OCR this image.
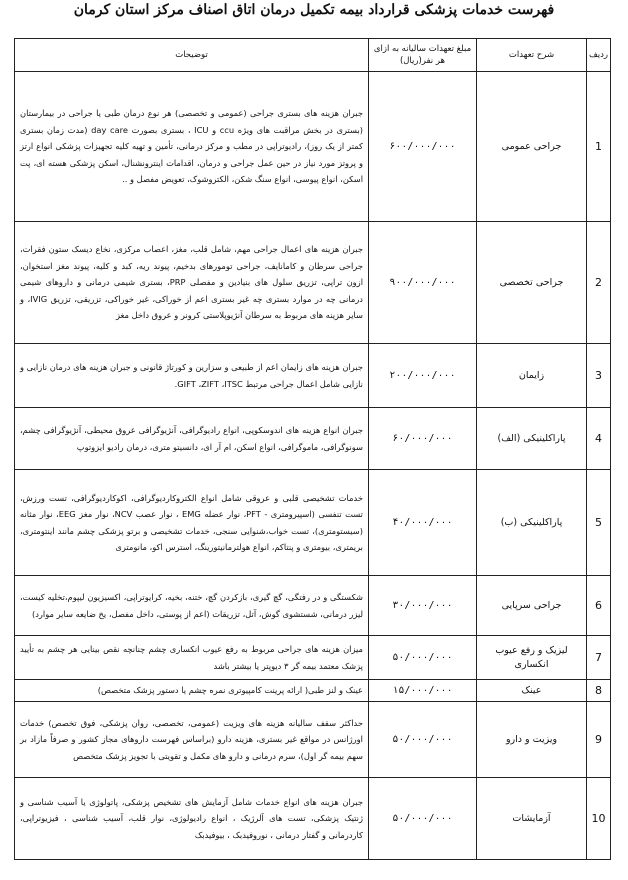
فهرست خدمات پزشکی قرارداد بیمه تکمیل درمان اتاق اصناف مرکز استان کرمان
ردیف	شرح تعهدات	مبلغ تعهدات سالیانه به ازای هر نفر(ریال)	توضیحات
1	جراحی عمومی	۶۰۰/۰۰۰/۰۰۰	جبران هزینه های بستری جراحی (عمومی و تخصصی) هر نوع درمان طبی یا جراحی در بیمارستان (بستری در بخش مراقبت های ویژه ccu و ICU ، بستری بصورت day care (مدت زمان بستری کمتر از یک روز)، رادیوتراپی در مطب و مرکز درمانی، تأمین و تهیه کلیه تجهیزات پزشکی انواع ارتز و پروتز مورد نیاز در حین عمل جراحی و درمان، اقدامات اینترونشنال، اسکن پزشکی هسته ای، پت اسکن، انواع پیوسی، انواع سنگ شکن، الکتروشوک، تعویض مفصل و ..
2	جراحی تخصصی	۹۰۰/۰۰۰/۰۰۰	جبران هزینه های اعمال جراحی مهم، شامل قلب، مغز، اعصاب مرکزی، نخاع دیسک ستون فقرات، جراحی سرطان و کامانایف، جراحی تومورهای بدخیم، پیوند ریه، کبد و کلیه، پیوند مغز استخوان، ازون تراپی، تزریق سلول های بنیادین و مفصلی PRP، بستری شیمی درمانی و داروهای شیمی درمانی چه در موارد بستری چه غیر بستری اعم از خوراکی، غیر خوراکی، تزریقی، تزریق IVIG، و سایر هزینه های مربوط به سرطان آنژیوپلاستی کرونر و عروق داخل مغز
3	زایمان	۲۰۰/۰۰۰/۰۰۰	جبران هزینه های زایمان اعم از طبیعی و سزارین و کورتاژ قانونی و جبران هزینه های درمان نازایی و نازایی شامل اعمال جراحی مرتبط GIFT ،ZIFT ،ITSC.
4	پاراکلینیکی (الف)	۶۰/۰۰۰/۰۰۰	جبران انواع هزینه های اندوسکوپی، انواع رادیوگرافی، آنژیوگرافی عروق محیطی، آنژیوگرافی چشم، سونوگرافی، ماموگرافی، انواع اسکن، ام آر ای، دانسیتو متری، درمان رادیو ایزوتوپ
5	پاراکلینیکی (ب)	۴۰/۰۰۰/۰۰۰	خدمات تشخیصی قلبی و عروقی شامل انواع الکتروکاردیوگرافی، اکوکاردیوگرافی، تست ورزش، تست تنفسی (اسپیرومتری - PFT، نوار عضله EMG ، نوار عصب NCV، نوار مغز EEG، نوار مثانه (سیستومتری)، تست خواب،شنوایی سنجی، خدمات تشخیصی و برتو پزشکی چشم مانند اینتومتری، بریمتری، بیومتری و پنتاکم، انواع هولترمانیتورینگ، استرس اکو، مانومتری
6	جراحی سرپایی	۳۰/۰۰۰/۰۰۰	شکستگی و در رفتگی، گچ گیری، بازکردن گچ، ختنه، بخیه، کرایوتراپی، اکسیزیون لیپوم،تخلیه کیست، لیزر درمانی، شستشوی گوش، آتل، تزریقات (اعم از پوستی، داخل مفصل، یخ ضایعه سایر موارد)
7	لیزیک و رفع عیوب انکساری	۵۰/۰۰۰/۰۰۰	میزان هزینه های جراحی مربوط به رفع عیوب انکساری چشم چنانچه نقص بینایی هر چشم به تأیید پزشک معتمد بیمه گر ۳ دیوپتر یا بیشتر باشد
8	عینک	۱۵/۰۰۰/۰۰۰	عینک و لنز طبی( ارائه پرینت کامپیوتری نمره چشم یا دستور پزشک متخصص)
9	ویزیت و دارو	۵۰/۰۰۰/۰۰۰	حداکثر سقف سالیانه هزینه های ویزیت (عمومی، تخصصی، روان پزشکی، فوق تخصص) خدمات اورژانس در مواقع غیر بستری، هزینه دارو (براساس فهرست داروهای مجاز کشور و صرفاً مازاد بر سهم بیمه گر اول)، سرم درمانی و دارو های مکمل و تقویتی با تجویز پزشک متخصص
10	آزمایشات	۵۰/۰۰۰/۰۰۰	جبران هزینه های انواع خدمات شامل آزمایش های تشخیص پزشکی، پاتولوژی یا آسیب شناسی و ژنتیک پزشکی، تست های آلرژیک ، انواع رادیولوژی، نوار قلب، آسیب شناسی ، فیزیوتراپی، کاردرمانی و گفتار درمانی ، نوروفیدبک ، بیوفیدبک
